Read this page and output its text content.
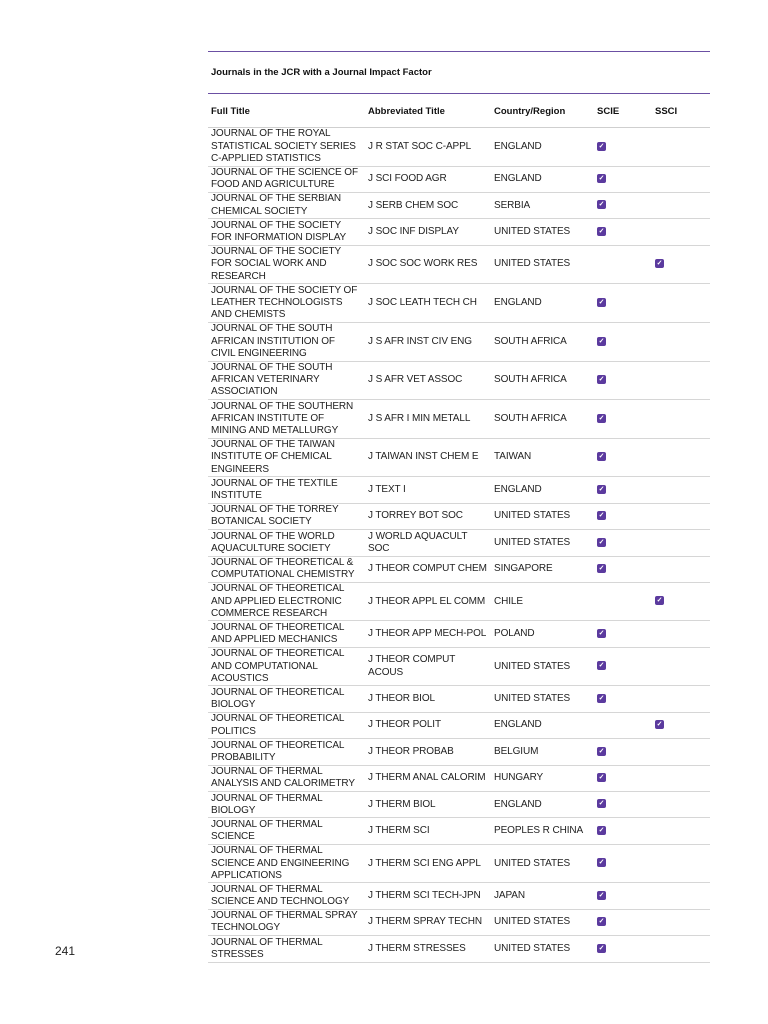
Journals in the JCR with a Journal Impact Factor
Full Title	Abbreviated Title	Country/Region	SCIE	SSCI
JOURNAL OF THE ROYAL STATISTICAL SOCIETY SERIES C-APPLIED STATISTICS	J R STAT SOC C-APPL	ENGLAND	✓	
JOURNAL OF THE SCIENCE OF FOOD AND AGRICULTURE	J SCI FOOD AGR	ENGLAND	✓	
JOURNAL OF THE SERBIAN CHEMICAL SOCIETY	J SERB CHEM SOC	SERBIA	✓	
JOURNAL OF THE SOCIETY FOR INFORMATION DISPLAY	J SOC INF DISPLAY	UNITED STATES	✓	
JOURNAL OF THE SOCIETY FOR SOCIAL WORK AND RESEARCH	J SOC SOC WORK RES	UNITED STATES		✓
JOURNAL OF THE SOCIETY OF LEATHER TECHNOLOGISTS AND CHEMISTS	J SOC LEATH TECH CH	ENGLAND	✓	
JOURNAL OF THE SOUTH AFRICAN INSTITUTION OF CIVIL ENGINEERING	J S AFR INST CIV ENG	SOUTH AFRICA	✓	
JOURNAL OF THE SOUTH AFRICAN VETERINARY ASSOCIATION	J S AFR VET ASSOC	SOUTH AFRICA	✓	
JOURNAL OF THE SOUTHERN AFRICAN INSTITUTE OF MINING AND METALLURGY	J S AFR I MIN METALL	SOUTH AFRICA	✓	
JOURNAL OF THE TAIWAN INSTITUTE OF CHEMICAL ENGINEERS	J TAIWAN INST CHEM E	TAIWAN	✓	
JOURNAL OF THE TEXTILE INSTITUTE	J TEXT I	ENGLAND	✓	
JOURNAL OF THE TORREY BOTANICAL SOCIETY	J TORREY BOT SOC	UNITED STATES	✓	
JOURNAL OF THE WORLD AQUACULTURE SOCIETY	J WORLD AQUACULT SOC	UNITED STATES	✓	
JOURNAL OF THEORETICAL & COMPUTATIONAL CHEMISTRY	J THEOR COMPUT CHEM	SINGAPORE	✓	
JOURNAL OF THEORETICAL AND APPLIED ELECTRONIC COMMERCE RESEARCH	J THEOR APPL EL COMM	CHILE		✓
JOURNAL OF THEORETICAL AND APPLIED MECHANICS	J THEOR APP MECH-POL	POLAND	✓	
JOURNAL OF THEORETICAL AND COMPUTATIONAL ACOUSTICS	J THEOR COMPUT ACOUS	UNITED STATES	✓	
JOURNAL OF THEORETICAL BIOLOGY	J THEOR BIOL	UNITED STATES	✓	
JOURNAL OF THEORETICAL POLITICS	J THEOR POLIT	ENGLAND		✓
JOURNAL OF THEORETICAL PROBABILITY	J THEOR PROBAB	BELGIUM	✓	
JOURNAL OF THERMAL ANALYSIS AND CALORIMETRY	J THERM ANAL CALORIM	HUNGARY	✓	
JOURNAL OF THERMAL BIOLOGY	J THERM BIOL	ENGLAND	✓	
JOURNAL OF THERMAL SCIENCE	J THERM SCI	PEOPLES R CHINA	✓	
JOURNAL OF THERMAL SCIENCE AND ENGINEERING APPLICATIONS	J THERM SCI ENG APPL	UNITED STATES	✓	
JOURNAL OF THERMAL SCIENCE AND TECHNOLOGY	J THERM SCI TECH-JPN	JAPAN	✓	
JOURNAL OF THERMAL SPRAY TECHNOLOGY	J THERM SPRAY TECHN	UNITED STATES	✓	
JOURNAL OF THERMAL STRESSES	J THERM STRESSES	UNITED STATES	✓	
241
